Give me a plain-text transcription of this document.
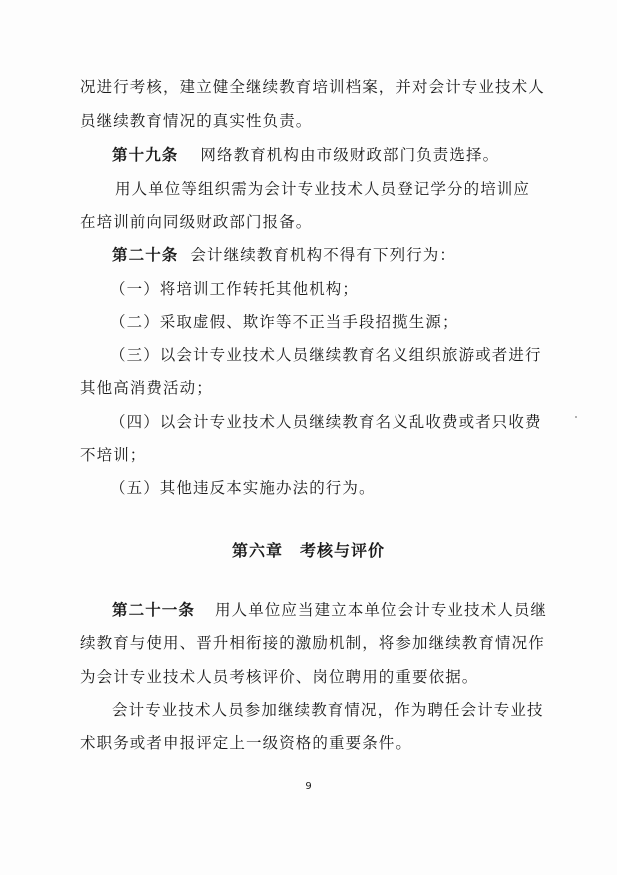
况进行考核，建立健全继续教育培训档案，并对会计专业技术人
员继续教育情况的真实性负责。
第十九条 网络教育机构由市级财政部门负责选择。
用人单位等组织需为会计专业技术人员登记学分的培训应
在培训前向同级财政部门报备。
第二十条 会计继续教育机构不得有下列行为：
（一）将培训工作转托其他机构；
（二）采取虚假、欺诈等不正当手段招揽生源；
（三）以会计专业技术人员继续教育名义组织旅游或者进行
其他高消费活动；
（四）以会计专业技术人员继续教育名义乱收费或者只收费
不培训；
（五）其他违反本实施办法的行为。
第六章　考核与评价
第二十一条 用人单位应当建立本单位会计专业技术人员继
续教育与使用、晋升相衔接的激励机制，将参加继续教育情况作
为会计专业技术人员考核评价、岗位聘用的重要依据。
会计专业技术人员参加继续教育情况，作为聘任会计专业技
术职务或者申报评定上一级资格的重要条件。
9
